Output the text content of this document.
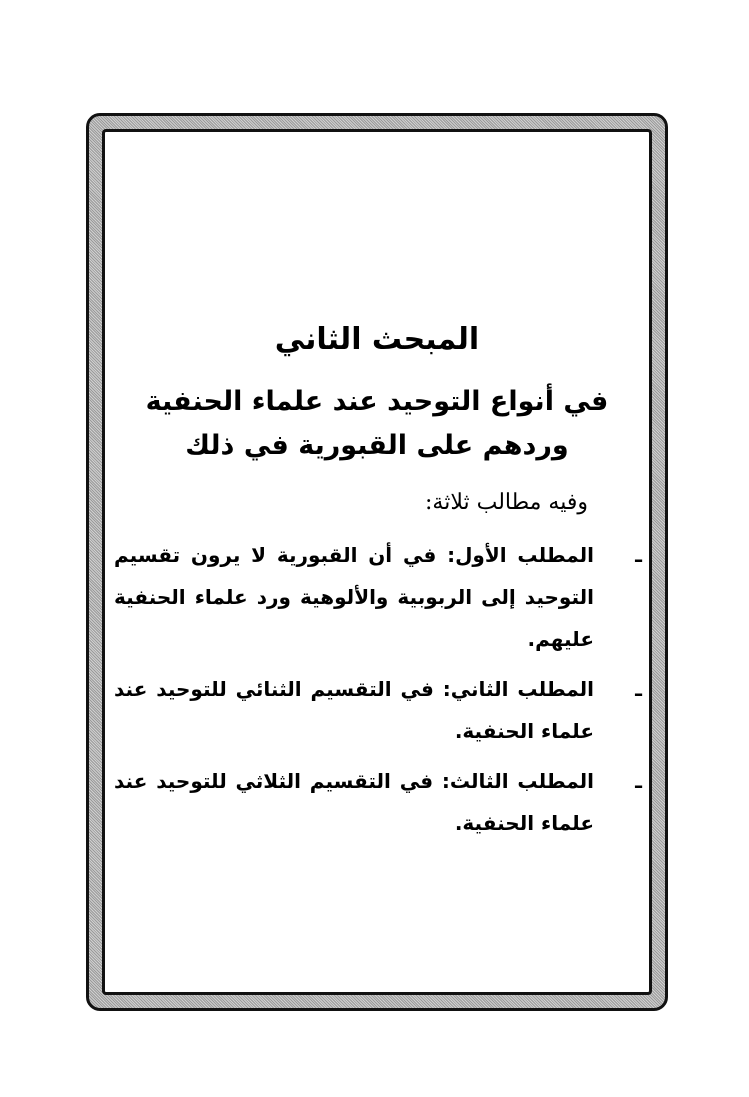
المبحث الثاني
في أنواع التوحيد عند علماء الحنفية
وردهم على القبورية في ذلك

وفيه مطالب ثلاثة:

ـ
المطلب الأول: في أن القبورية لا يرون تقسيم التوحيد إلى الربوبية والألوهية ورد علماء الحنفية عليهم.
ـ
المطلب الثاني: في التقسيم الثنائي للتوحيد عند علماء الحنفية.
ـ
المطلب الثالث: في التقسيم الثلاثي للتوحيد عند علماء الحنفية.
